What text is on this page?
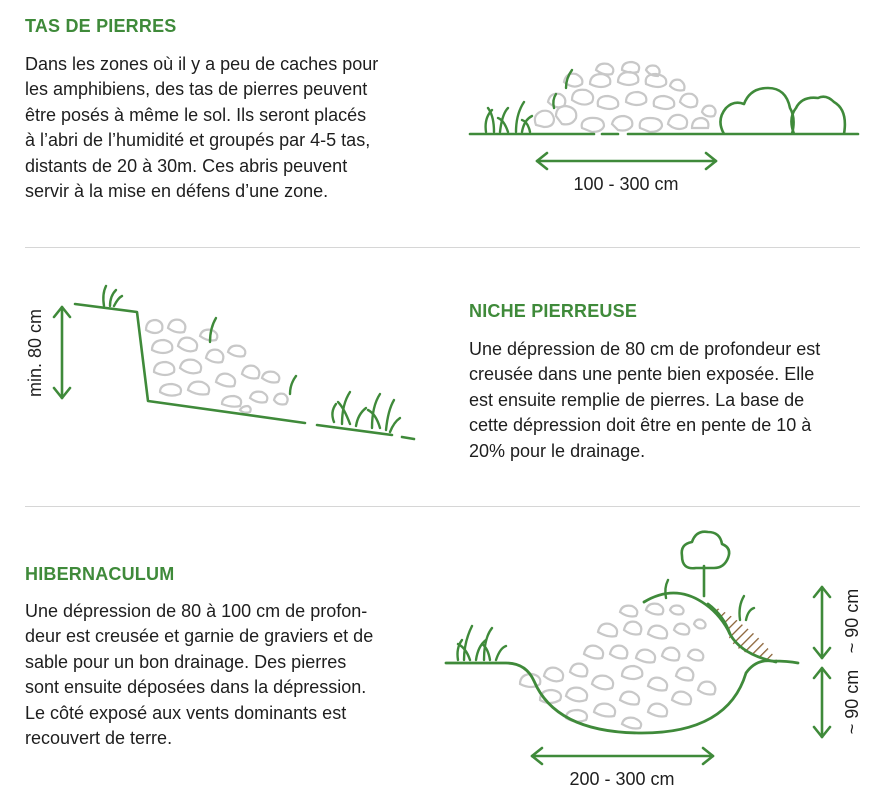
TAS DE PIERRES
Dans les zones où il y a peu de caches pour
les amphibiens, des tas de pierres peuvent
être posés à même le sol. Ils seront placés
à l’abri de l’humidité et groupés par 4-5 tas,
distants de 20 à 30m. Ces abris peuvent
servir à la mise en défens d’une zone.	100 - 300 cm
NICHE PIERREUSE
Une dépression de 80 cm de profondeur est
creusée dans une pente bien exposée. Elle
est ensuite remplie de pierres. La base de
cette dépression doit être en pente de 10 à
20% pour le drainage.
min. 80 cm
HIBERNACULUM
Une dépression de 80 à 100 cm de profon-
deur est creusée et garnie de graviers et de
sable pour un bon drainage. Des pierres
sont ensuite déposées dans la dépression.
Le côté exposé aux vents dominants est
recouvert de terre.
200 - 300 cm
~ 90 cm
~ 90 cm
